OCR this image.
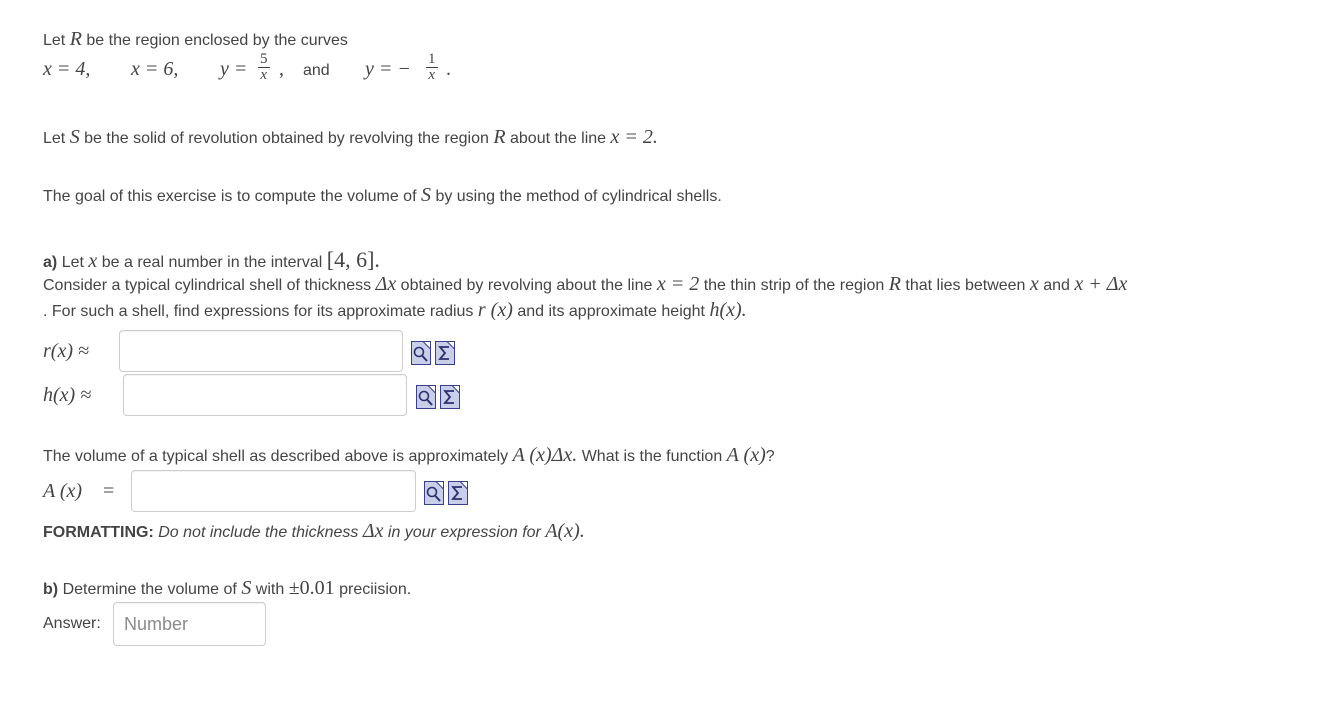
Let R be the region enclosed by the curves
x = 4, x = 6, $y = \frac{5}{x}$ , and y = − $\frac{1}{x}$ .
Let S be the solid of revolution obtained by revolving the region R about the line x = 2.
The goal of this exercise is to compute the volume of S by using the method of cylindrical shells.
a) Let x be a real number in the interval [4, 6].
Consider a typical cylindrical shell of thickness Δx obtained by revolving about the line x = 2 the thin strip of the region R that lies between x and x + Δx
. For such a shell, find expressions for its approximate radius r (x) and its approximate height h(x).
r(x) ≈
h(x) ≈
The volume of a typical shell as described above is approximately A (x)Δx. What is the function A (x)?
A (x) =
FORMATTING: Do not include the thickness Δx in your expression for A(x).
b) Determine the volume of S with ±0.01 preciision.
Answer:
Number
